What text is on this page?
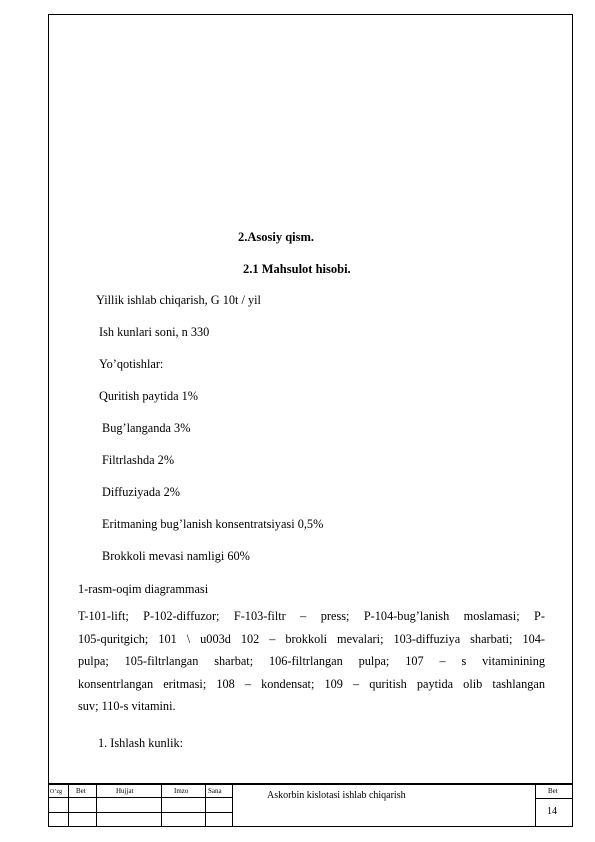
2.Asosiy qism.
2.1 Mahsulot hisobi.
Yillik ishlab chiqarish, G 10t / yil
Ish kunlari soni, n 330
Yo’qotishlar:
Quritish paytida 1%
Bug’langanda 3%
Filtrlashda 2%
Diffuziyada 2%
Eritmaning bug’lanish konsentratsiyasi 0,5%
Brokkoli mevasi namligi 60%
1-rasm-oqim diagrammasi
T-101-lift; P-102-diffuzor; F-103-filtr – press; P-104-bug’lanish moslamasi; P-
105-quritgich; 101 \ u003d 102 – brokkoli mevalari; 103-diffuziya sharbati; 104-
pulpa; 105-filtrlangan sharbat; 106-filtrlangan pulpa; 107 – s vitaminining
konsentrlangan eritmasi; 108 – kondensat; 109 – quritish paytida olib tashlangan
suv; 110-s vitamini.
1. Ishlash kunlik:
O’zg Bet	Hujjat	Imzo	Sana	Askorbin kislotasi ishlab chiqarish	Bet
14
